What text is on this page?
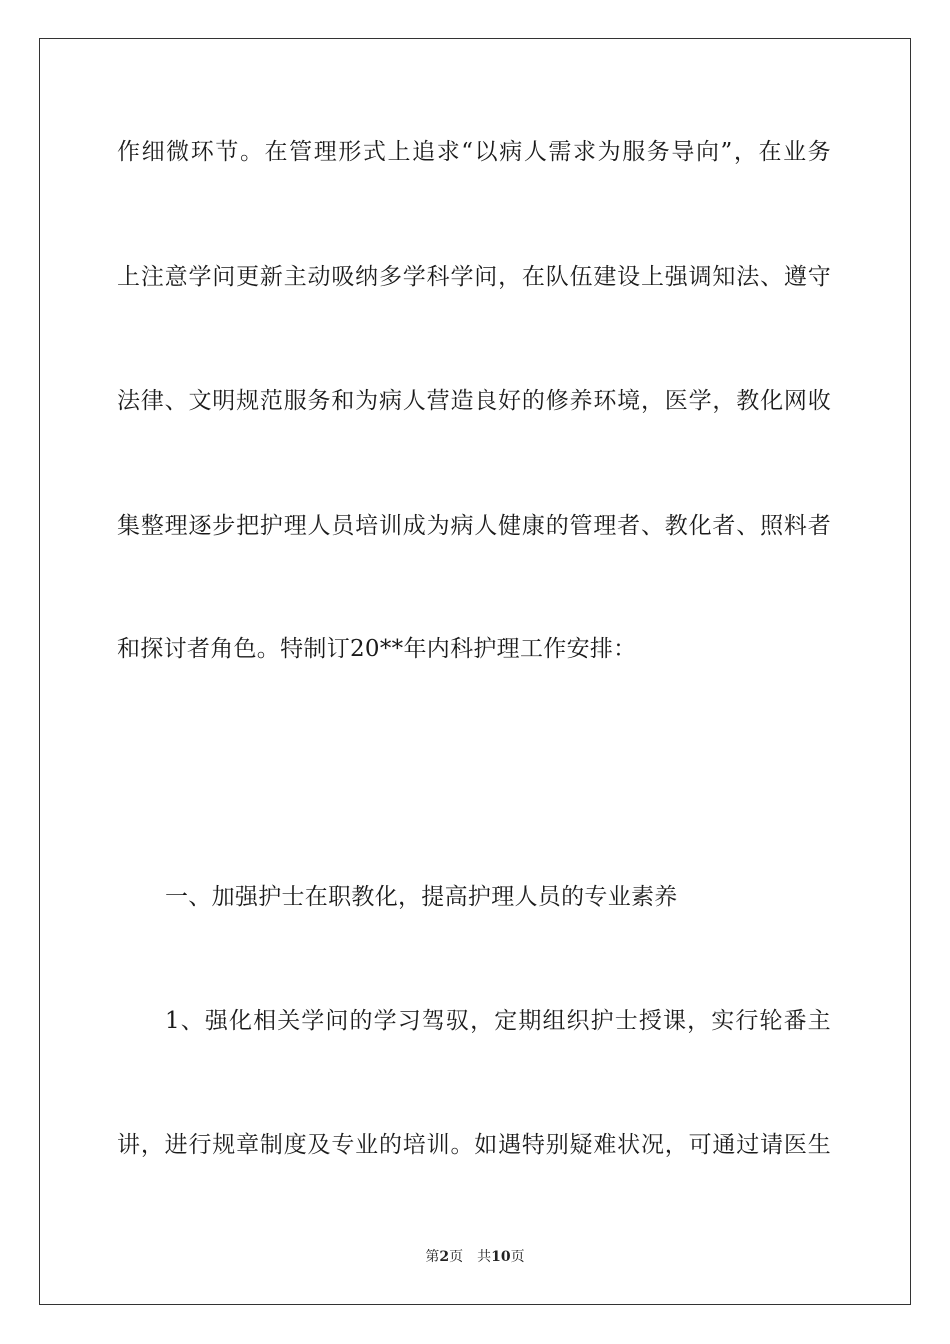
作细微环节。在管理形式上追求“以病人需求为服务导向”，在业务
上注意学问更新主动吸纳多学科学问，在队伍建设上强调知法、遵守
法律、文明规范服务和为病人营造良好的修养环境，医学，教化网收
集整理逐步把护理人员培训成为病人健康的管理者、教化者、照料者
和探讨者角色。特制订20**年内科护理工作安排：
一、加强护士在职教化，提高护理人员的专业素养
1、强化相关学问的学习驾驭，定期组织护士授课，实行轮番主
讲，进行规章制度及专业的培训。如遇特别疑难状况，可通过请医生
第2页　共10页
